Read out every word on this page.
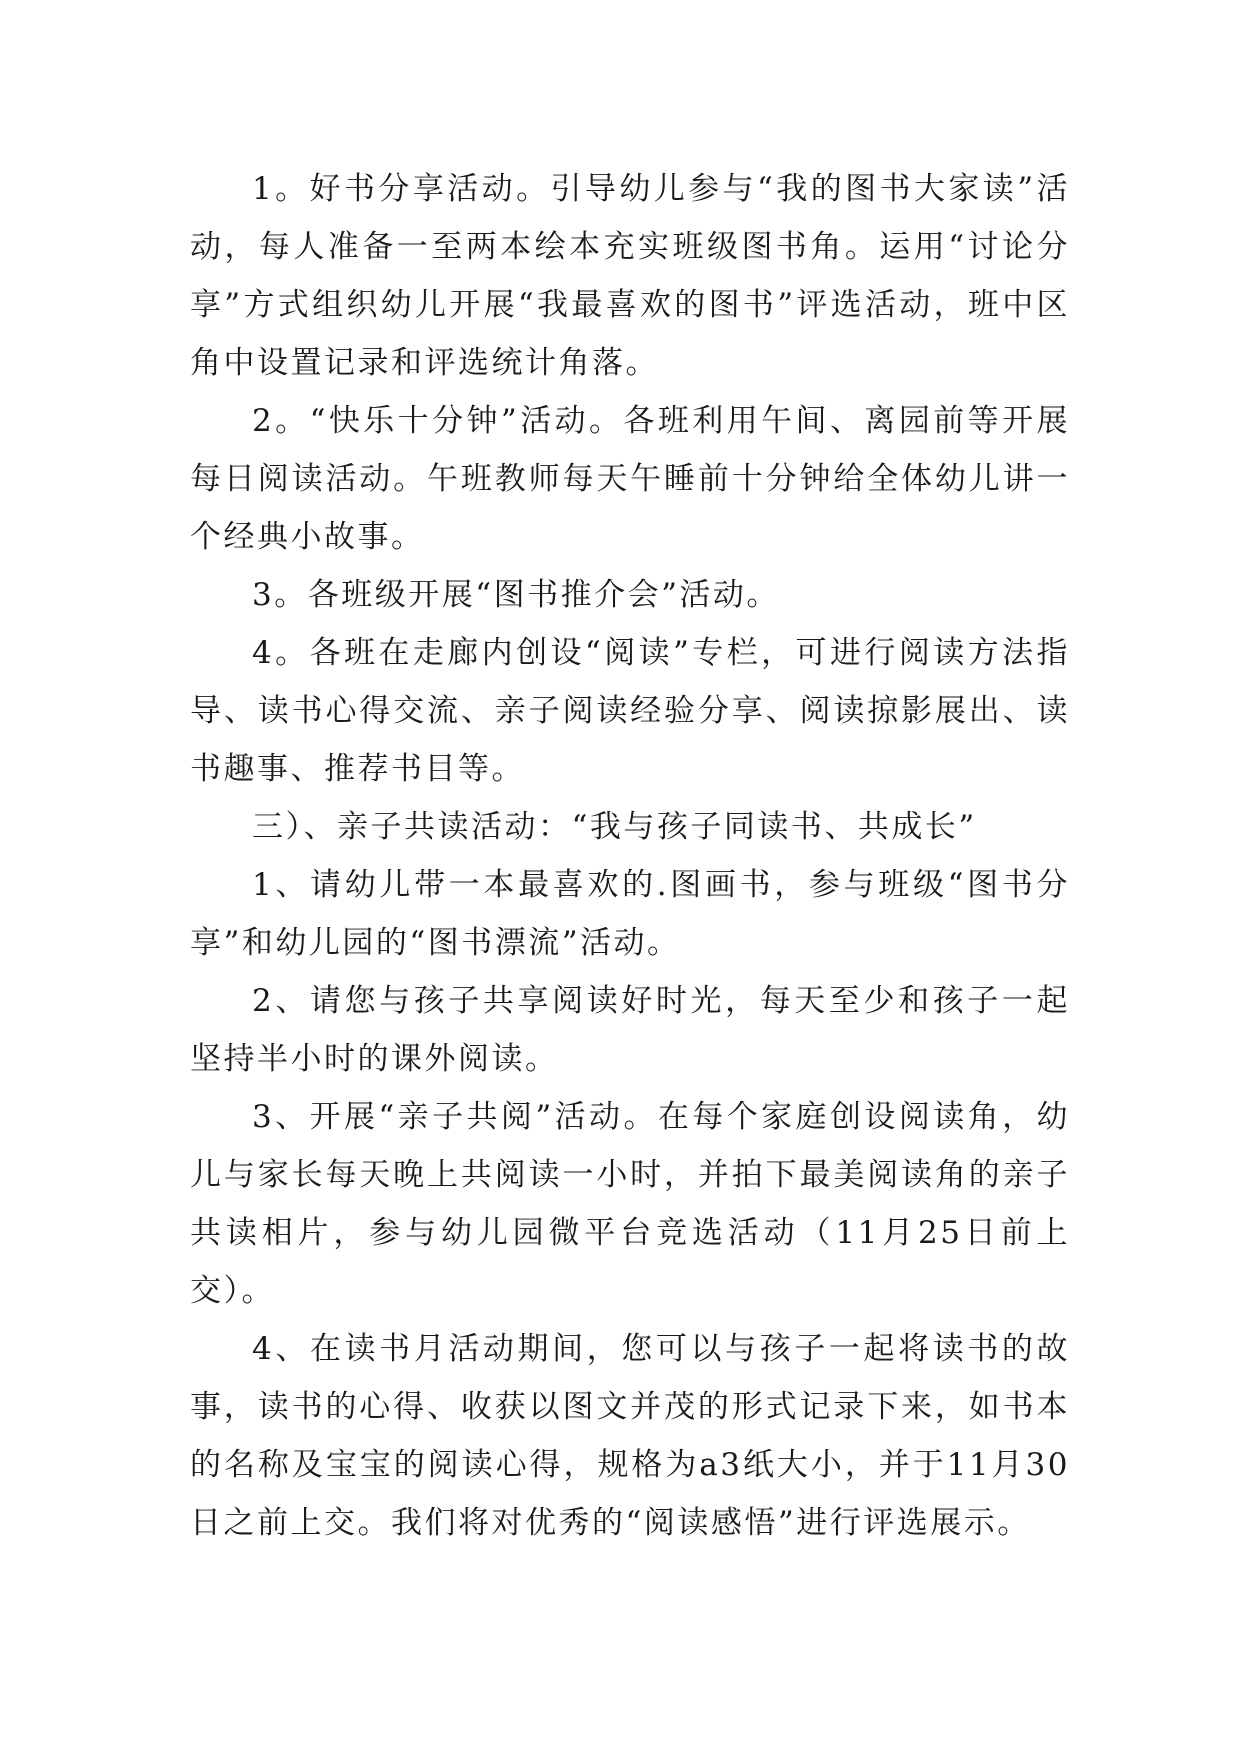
1。好书分享活动。引导幼儿参与“我的图书大家读”活动，每人准备一至两本绘本充实班级图书角。运用“讨论分享”方式组织幼儿开展“我最喜欢的图书”评选活动，班中区角中设置记录和评选统计角落。

2。“快乐十分钟”活动。各班利用午间、离园前等开展每日阅读活动。午班教师每天午睡前十分钟给全体幼儿讲一个经典小故事。

3。各班级开展“图书推介会”活动。

4。各班在走廊内创设“阅读”专栏，可进行阅读方法指导、读书心得交流、亲子阅读经验分享、阅读掠影展出、读书趣事、推荐书目等。

三）、亲子共读活动：“我与孩子同读书、共成长”

1、请幼儿带一本最喜欢的.图画书，参与班级“图书分享”和幼儿园的“图书漂流”活动。

2、请您与孩子共享阅读好时光，每天至少和孩子一起坚持半小时的课外阅读。

3、开展“亲子共阅”活动。在每个家庭创设阅读角，幼儿与家长每天晚上共阅读一小时，并拍下最美阅读角的亲子共读相片，参与幼儿园微平台竞选活动（11月25日前上交）。

4、在读书月活动期间，您可以与孩子一起将读书的故事，读书的心得、收获以图文并茂的形式记录下来，如书本的名称及宝宝的阅读心得，规格为a3纸大小，并于11月30日之前上交。我们将对优秀的“阅读感悟”进行评选展示。
